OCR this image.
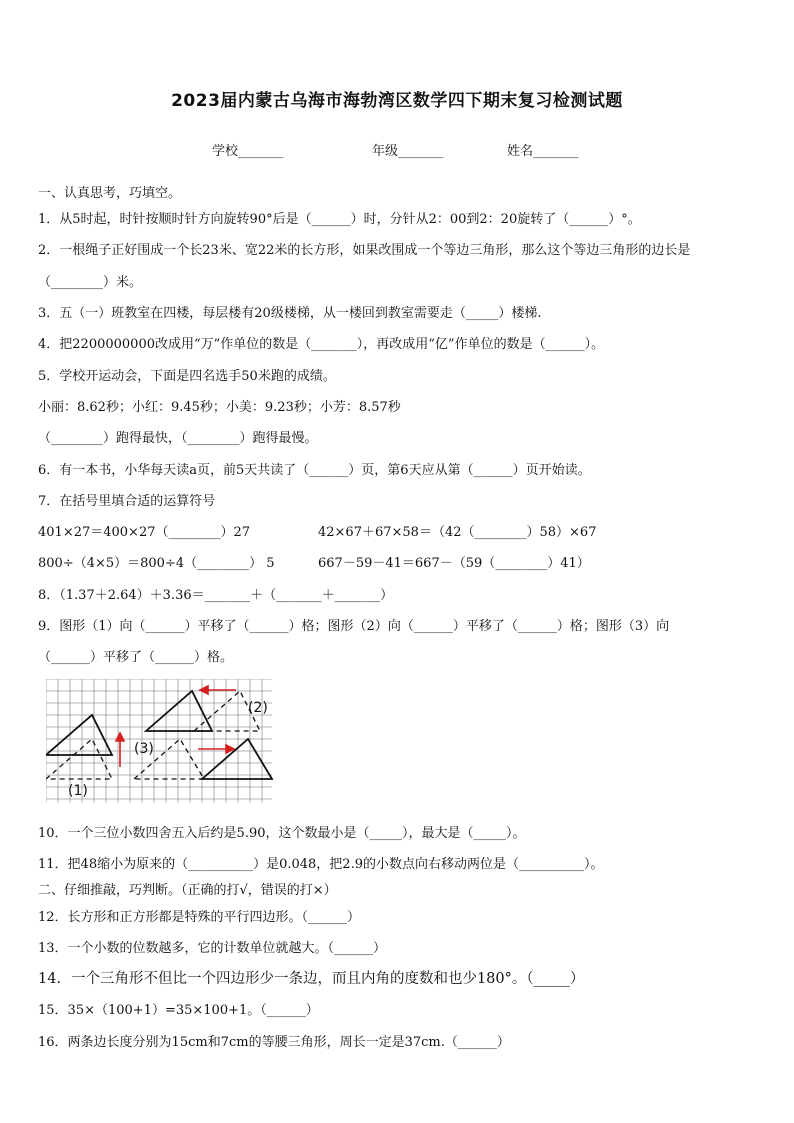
2023届内蒙古乌海市海勃湾区数学四下期末复习检测试题
学校_______	年级_______	姓名_______
一、认真思考，巧填空。
1．从5时起，时针按顺时针方向旋转90°后是（______）时，分针从2：00到2：20旋转了（______）°。
2．一根绳子正好围成一个长23米、宽22米的长方形，如果改围成一个等边三角形，那么这个等边三角形的边长是
（________）米。
3．五（一）班教室在四楼，每层楼有20级楼梯，从一楼回到教室需要走（_____）楼梯.
4．把2200000000改成用“万”作单位的数是（_______），再改成用“亿”作单位的数是（______）。
5．学校开运动会，下面是四名选手50米跑的成绩。
小丽：8.62秒；小红：9.45秒；小美：9.23秒；小芳：8.57秒
（________）跑得最快，（________）跑得最慢。
6．有一本书，小华每天读a页，前5天共读了（______）页，第6天应从第（______）页开始读。
7．在括号里填合适的运算符号
401×27＝400×27（________）27	42×67＋67×58＝（42（________）58）×67
800÷（4×5）＝800÷4（________） 5	667－59－41＝667－（59（________）41）
8．（1.37＋2.64）＋3.36＝_______＋（_______＋_______）
9．图形（1）向（______）平移了（______）格；图形（2）向（______）平移了（______）格；图形（3）向
（______）平移了（______）格。
(1)
(2)
(3)
10．一个三位小数四舍五入后约是5.90，这个数最小是（_____），最大是（_____）。
11．把48缩小为原来的（__________）是0.048，把2.9的小数点向右移动两位是（__________）。
二、仔细推敲，巧判断。（正确的打√，错误的打×）
12．长方形和正方形都是特殊的平行四边形。（______）
13．一个小数的位数越多，它的计数单位就越大。（______）
14．一个三角形不但比一个四边形少一条边，而且内角的度数和也少180°。（_____）
15．35×（100+1）=35×100+1。（______）
16．两条边长度分别为15cm和7cm的等腰三角形，周长一定是37cm.（______）
